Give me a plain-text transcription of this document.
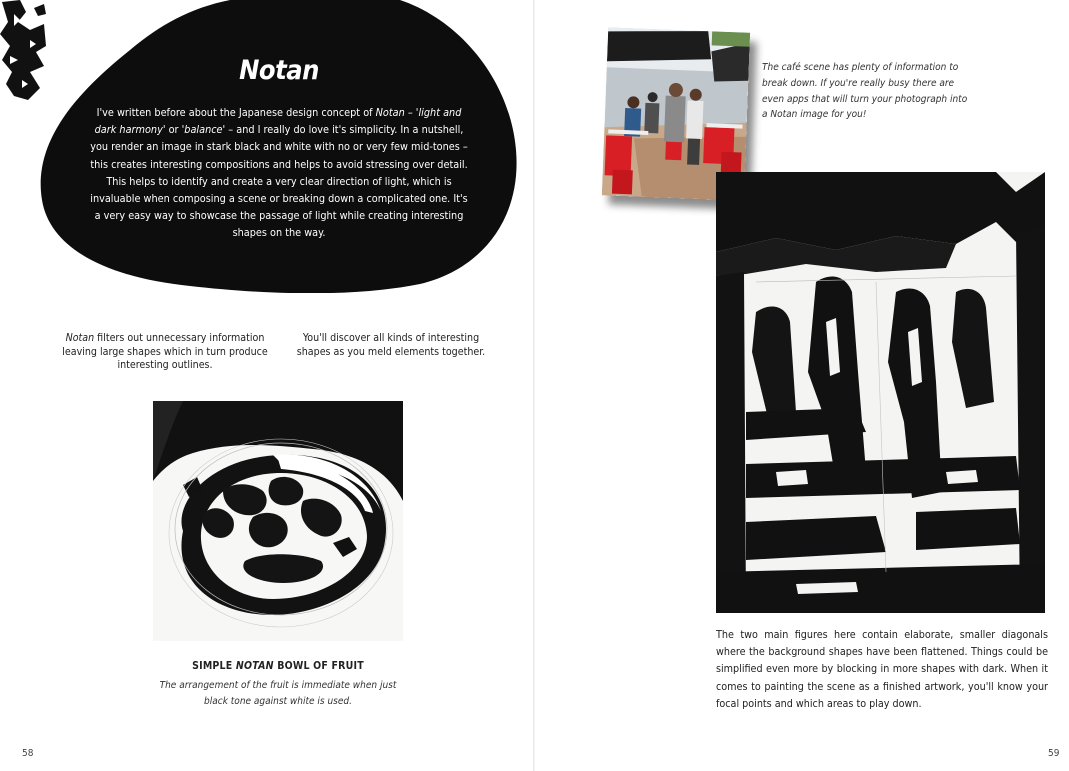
Notan
I've written before about the Japanese design concept of Notan – 'light and dark harmony' or 'balance' – and I really do love it's simplicity. In a nutshell, you render an image in stark black and white with no or very few mid-tones – this creates interesting compositions and helps to avoid stressing over detail. This helps to identify and create a very clear direction of light, which is invaluable when composing a scene or breaking down a complicated one. It's a very easy way to showcase the passage of light while creating interesting shapes on the way.
Notan filters out unnecessary information leaving large shapes which in turn produce interesting outlines.
You'll discover all kinds of interesting shapes as you meld elements together.
SIMPLE NOTAN BOWL OF FRUIT
The arrangement of the fruit is immediate when just black tone against white is used.
58
The café scene has plenty of information to break down. If you're really busy there are even apps that will turn your photograph into a Notan image for you!
The two main figures here contain elaborate, smaller diagonals where the background shapes have been flattened. Things could be simplified even more by blocking in more shapes with dark. When it comes to painting the scene as a finished artwork, you'll know your focal points and which areas to play down.
59
